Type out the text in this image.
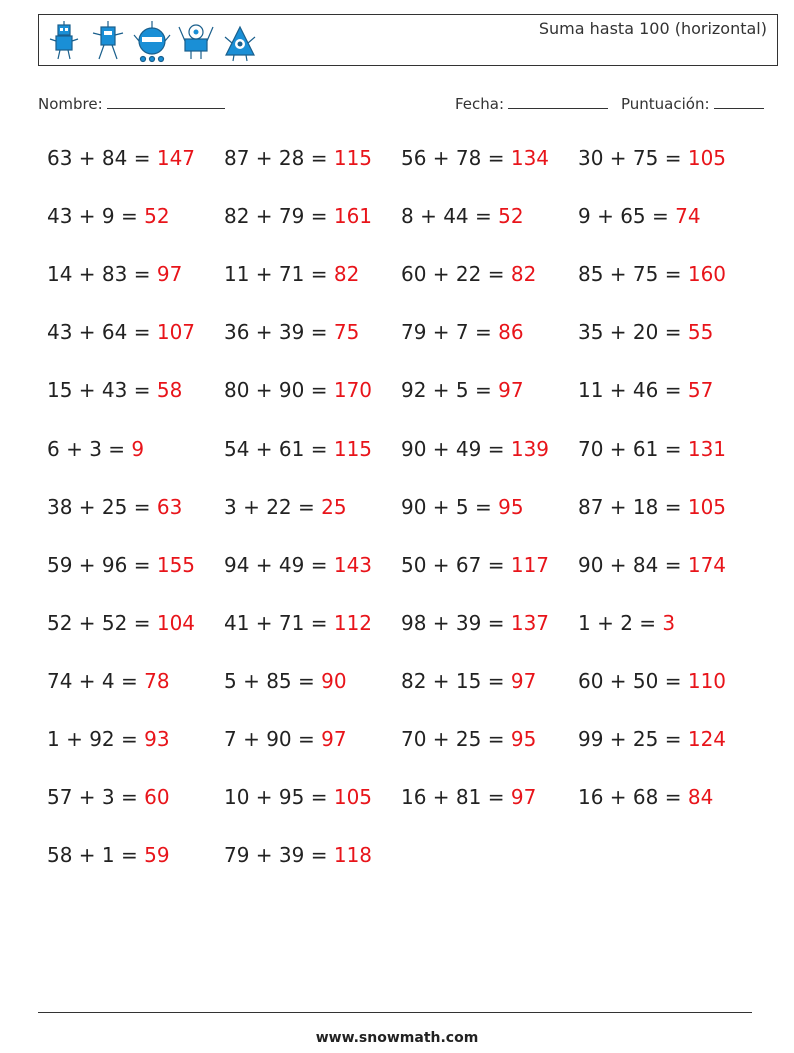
Suma hasta 100 (horizontal)
Nombre:	Fecha:	Puntuación:
63 + 84 = 147 87 + 28 = 115 56 + 78 = 134 30 + 75 = 105
43 + 9 = 52	82 + 79 = 161 8 + 44 = 52	9 + 65 = 74
14 + 83 = 97 11 + 71 = 82 60 + 22 = 82 85 + 75 = 160
43 + 64 = 107 36 + 39 = 75 79 + 7 = 86	35 + 20 = 55
15 + 43 = 58 80 + 90 = 170 92 + 5 = 97	11 + 46 = 57
6 + 3 = 9	54 + 61 = 115 90 + 49 = 139 70 + 61 = 131
38 + 25 = 63 3 + 22 = 25	90 + 5 = 95	87 + 18 = 105
59 + 96 = 155 94 + 49 = 143 50 + 67 = 117 90 + 84 = 174
52 + 52 = 104 41 + 71 = 112 98 + 39 = 137 1 + 2 = 3
74 + 4 = 78	5 + 85 = 90	82 + 15 = 97 60 + 50 = 110
1 + 92 = 93	7 + 90 = 97	70 + 25 = 95 99 + 25 = 124
57 + 3 = 60	10 + 95 = 105 16 + 81 = 97 16 + 68 = 84
58 + 1 = 59	79 + 39 = 118
www.snowmath.com
